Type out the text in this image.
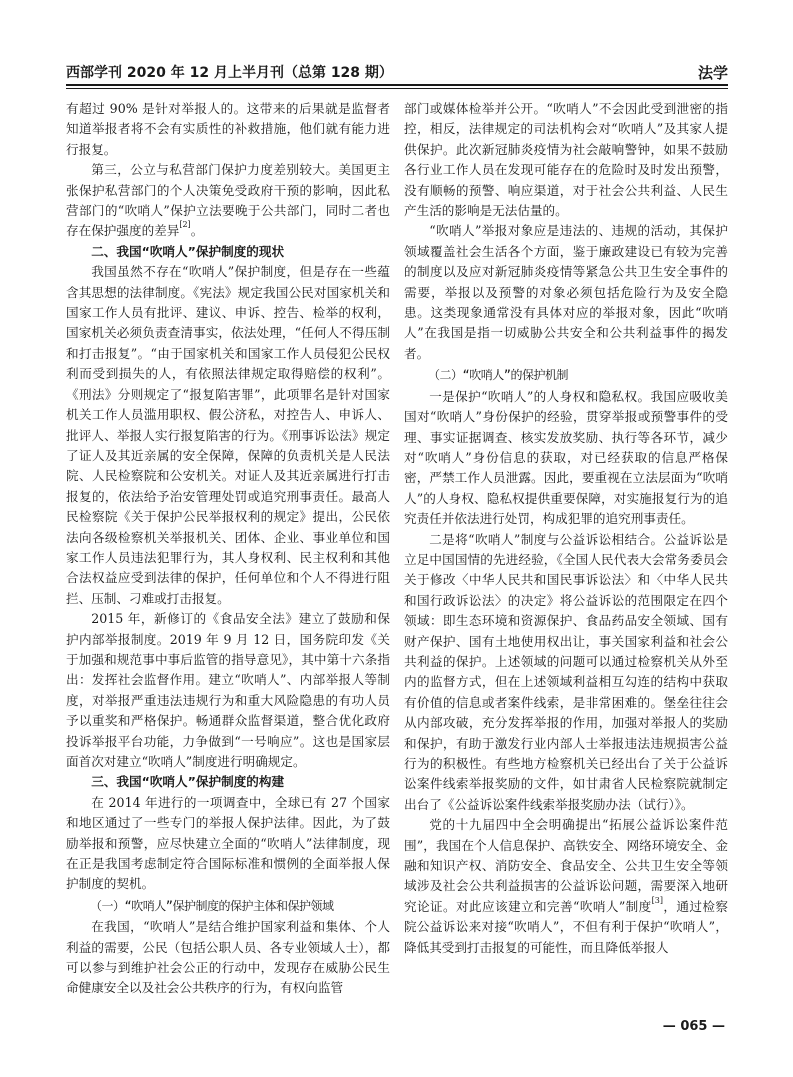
西部学刊 2020 年 12 月上半月刊（总第 128 期）	法学

有超过 90% 是针对举报人的。这带来的后果就是监督者知道举报者将不会有实质性的补救措施，他们就有能力进行报复。

第三，公立与私营部门保护力度差别较大。美国更主张保护私营部门的个人决策免受政府干预的影响，因此私营部门的“吹哨人”保护立法要晚于公共部门，同时二者也存在保护强度的差异[2]。

二、我国“吹哨人”保护制度的现状

我国虽然不存在“吹哨人”保护制度，但是存在一些蕴含其思想的法律制度。《宪法》规定我国公民对国家机关和国家工作人员有批评、建议、申诉、控告、检举的权利，国家机关必须负责查清事实，依法处理，“任何人不得压制和打击报复”。“由于国家机关和国家工作人员侵犯公民权利而受到损失的人，有依照法律规定取得赔偿的权利”。《刑法》分则规定了“报复陷害罪”，此项罪名是针对国家机关工作人员滥用职权、假公济私，对控告人、申诉人、批评人、举报人实行报复陷害的行为。《刑事诉讼法》规定了证人及其近亲属的安全保障，保障的负责机关是人民法院、人民检察院和公安机关。对证人及其近亲属进行打击报复的，依法给予治安管理处罚或追究刑事责任。最高人民检察院《关于保护公民举报权利的规定》提出，公民依法向各级检察机关举报机关、团体、企业、事业单位和国家工作人员违法犯罪行为，其人身权利、民主权利和其他合法权益应受到法律的保护，任何单位和个人不得进行阻拦、压制、刁难或打击报复。

2015 年，新修订的《食品安全法》建立了鼓励和保护内部举报制度。2019 年 9 月 12 日，国务院印发《关于加强和规范事中事后监管的指导意见》，其中第十六条指出：发挥社会监督作用。建立“吹哨人”、内部举报人等制度，对举报严重违法违规行为和重大风险隐患的有功人员予以重奖和严格保护。畅通群众监督渠道，整合优化政府投诉举报平台功能，力争做到“一号响应”。这也是国家层面首次对建立“吹哨人”制度进行明确规定。

三、我国“吹哨人”保护制度的构建

在 2014 年进行的一项调查中，全球已有 27 个国家和地区通过了一些专门的举报人保护法律。因此，为了鼓励举报和预警，应尽快建立全面的“吹哨人”法律制度，现在正是我国考虑制定符合国际标准和惯例的全面举报人保护制度的契机。

（一）“吹哨人”保护制度的保护主体和保护领域

在我国，“吹哨人”是结合维护国家利益和集体、个人利益的需要，公民（包括公职人员、各专业领域人士），都可以参与到维护社会公正的行动中，发现存在威胁公民生命健康安全以及社会公共秩序的行为，有权向监管

部门或媒体检举并公开。“吹哨人”不会因此受到泄密的指控，相反，法律规定的司法机构会对“吹哨人”及其家人提供保护。此次新冠肺炎疫情为社会敲响警钟，如果不鼓励各行业工作人员在发现可能存在的危险时及时发出预警，没有顺畅的预警、响应渠道，对于社会公共利益、人民生产生活的影响是无法估量的。

“吹哨人”举报对象应是违法的、违规的活动，其保护领域覆盖社会生活各个方面，鉴于廉政建设已有较为完善的制度以及应对新冠肺炎疫情等紧急公共卫生安全事件的需要，举报以及预警的对象必须包括危险行为及安全隐患。这类现象通常没有具体对应的举报对象，因此“吹哨人”在我国是指一切威胁公共安全和公共利益事件的揭发者。

（二）“吹哨人”的保护机制

一是保护“吹哨人”的人身权和隐私权。我国应吸收美国对“吹哨人”身份保护的经验，贯穿举报或预警事件的受理、事实证据调查、核实发放奖励、执行等各环节，减少对“吹哨人”身份信息的获取，对已经获取的信息严格保密，严禁工作人员泄露。因此，要重视在立法层面为“吹哨人”的人身权、隐私权提供重要保障，对实施报复行为的追究责任并依法进行处罚，构成犯罪的追究刑事责任。

二是将“吹哨人”制度与公益诉讼相结合。公益诉讼是立足中国国情的先进经验，《全国人民代表大会常务委员会关于修改〈中华人民共和国民事诉讼法〉和〈中华人民共和国行政诉讼法〉的决定》将公益诉讼的范围限定在四个领域：即生态环境和资源保护、食品药品安全领域、国有财产保护、国有土地使用权出让，事关国家利益和社会公共利益的保护。上述领域的问题可以通过检察机关从外至内的监督方式，但在上述领域利益相互勾连的结构中获取有价值的信息或者案件线索，是非常困难的。堡垒往往会从内部攻破，充分发挥举报的作用，加强对举报人的奖励和保护，有助于激发行业内部人士举报违法违规损害公益行为的积极性。有些地方检察机关已经出台了关于公益诉讼案件线索举报奖励的文件，如甘肃省人民检察院就制定出台了《公益诉讼案件线索举报奖励办法（试行）》。

党的十九届四中全会明确提出“拓展公益诉讼案件范围”，我国在个人信息保护、高铁安全、网络环境安全、金融和知识产权、消防安全、食品安全、公共卫生安全等领域涉及社会公共利益损害的公益诉讼问题，需要深入地研究论证。对此应该建立和完善“吹哨人”制度[3]，通过检察院公益诉讼来对接“吹哨人”，不但有利于保护“吹哨人”，降低其受到打击报复的可能性，而且降低举报人

— 065 —
